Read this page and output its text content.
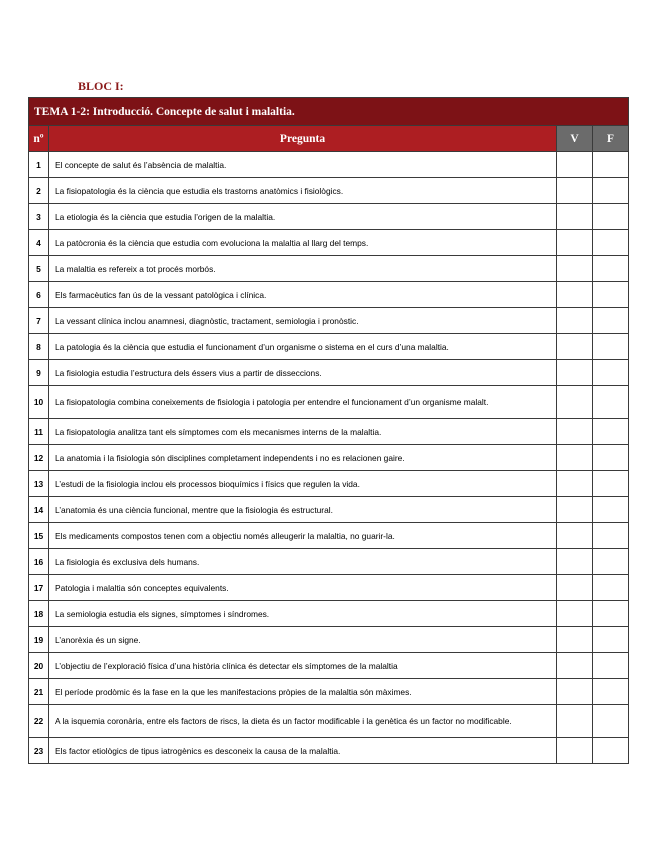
BLOC I:
TEMA 1-2: Introducció. Concepte de salut i malaltia.			
nº	Pregunta	V	F
1	El concepte de salut és l’absència de malaltia.		
2	La fisiopatologia és la ciència que estudia els trastorns anatòmics i fisiològics.		
3	La etiologia és la ciència que estudia l’origen de la malaltia.		
4	La patòcronia és la ciència que estudia com evoluciona la malaltia al llarg del temps.		
5	La malaltia es refereix a tot procés morbós.		
6	Els farmacèutics fan ús de la vessant patològica i clínica.		
7	La vessant clínica inclou anamnesi, diagnòstic, tractament, semiologia i pronòstic.		
8	La patologia és la ciència que estudia el funcionament d’un organisme o sistema en el curs d’una malaltia.		
9	La fisiologia estudia l’estructura dels éssers vius a partir de disseccions.		
10	La fisiopatologia combina coneixements de fisiologia i patologia per entendre el funcionament d’un organisme malalt.		
11	La fisiopatologia analitza tant els símptomes com els mecanismes interns de la malaltia.		
12	La anatomia i la fisiologia són disciplines completament independents i no es relacionen gaire.		
13	L’estudi de la fisiologia inclou els processos bioquímics i físics que regulen la vida.		
14	L’anatomia és una ciència funcional, mentre que la fisiologia és estructural.		
15	Els medicaments compostos tenen com a objectiu només alleugerir la malaltia, no guarir-la.		
16	La fisiologia és exclusiva dels humans.		
17	Patologia i malaltia són conceptes equivalents.		
18	La semiologia estudia els signes, símptomes i síndromes.		
19	L’anorèxia és un signe.		
20	L’objectiu de l’exploració física d’una història clínica és detectar els símptomes de la malaltia		
21	El període prodòmic és la fase en la que les manifestacions pròpies de la malaltia són màximes.		
22	A la isquemia coronària, entre els factors de riscs, la dieta és un factor modificable i la genètica és un factor no modificable.		
23	Els factor etiològics de tipus iatrogènics es desconeix la causa de la malaltia.		
